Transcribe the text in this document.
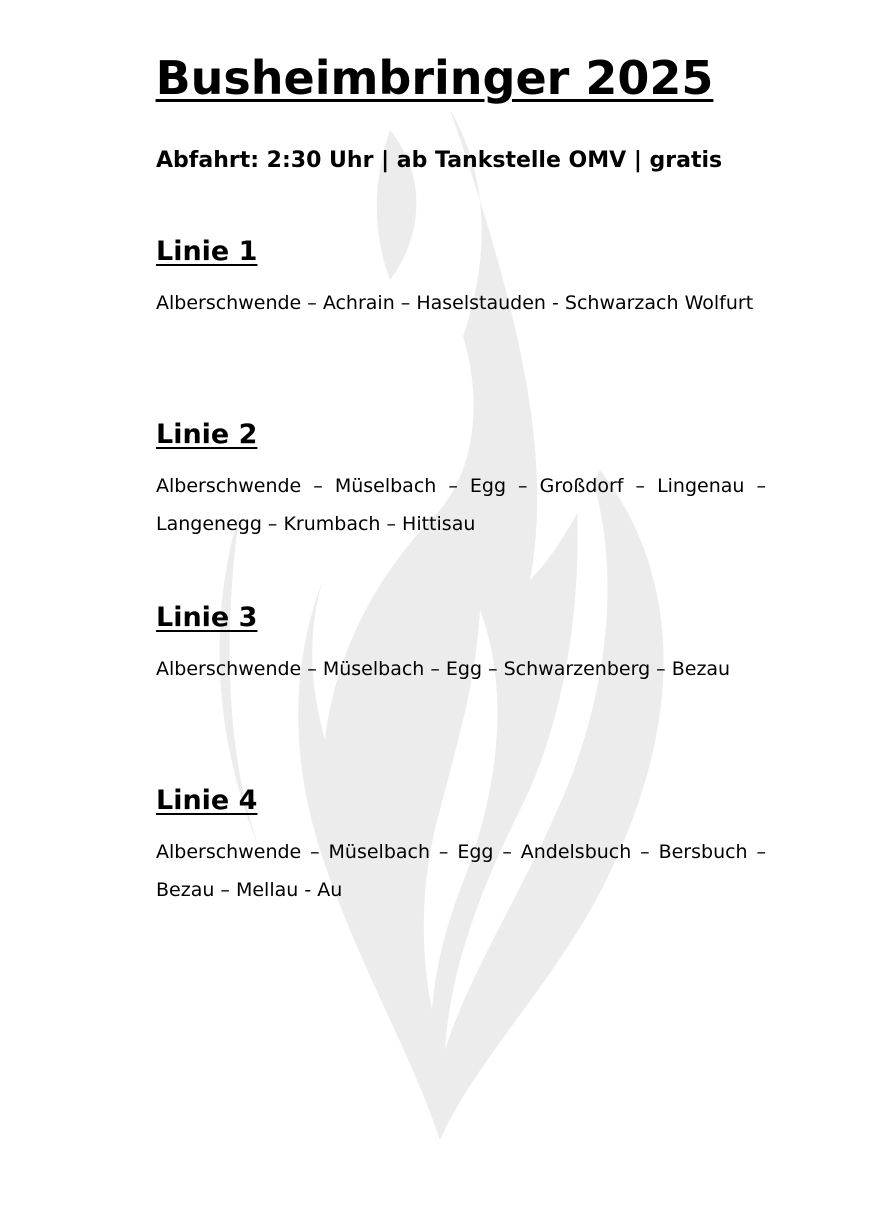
Busheimbringer 2025

Abfahrt: 2:30 Uhr | ab Tankstelle OMV | gratis

Linie 1

Alberschwende – Achrain – Haselstauden - Schwarzach Wolfurt

Linie 2

Alberschwende – Müselbach – Egg – Großdorf – Lingenau – Langenegg – Krumbach – Hittisau

Linie 3

Alberschwende – Müselbach – Egg – Schwarzenberg – Bezau

Linie 4

Alberschwende – Müselbach – Egg – Andelsbuch – Bersbuch – Bezau – Mellau - Au
